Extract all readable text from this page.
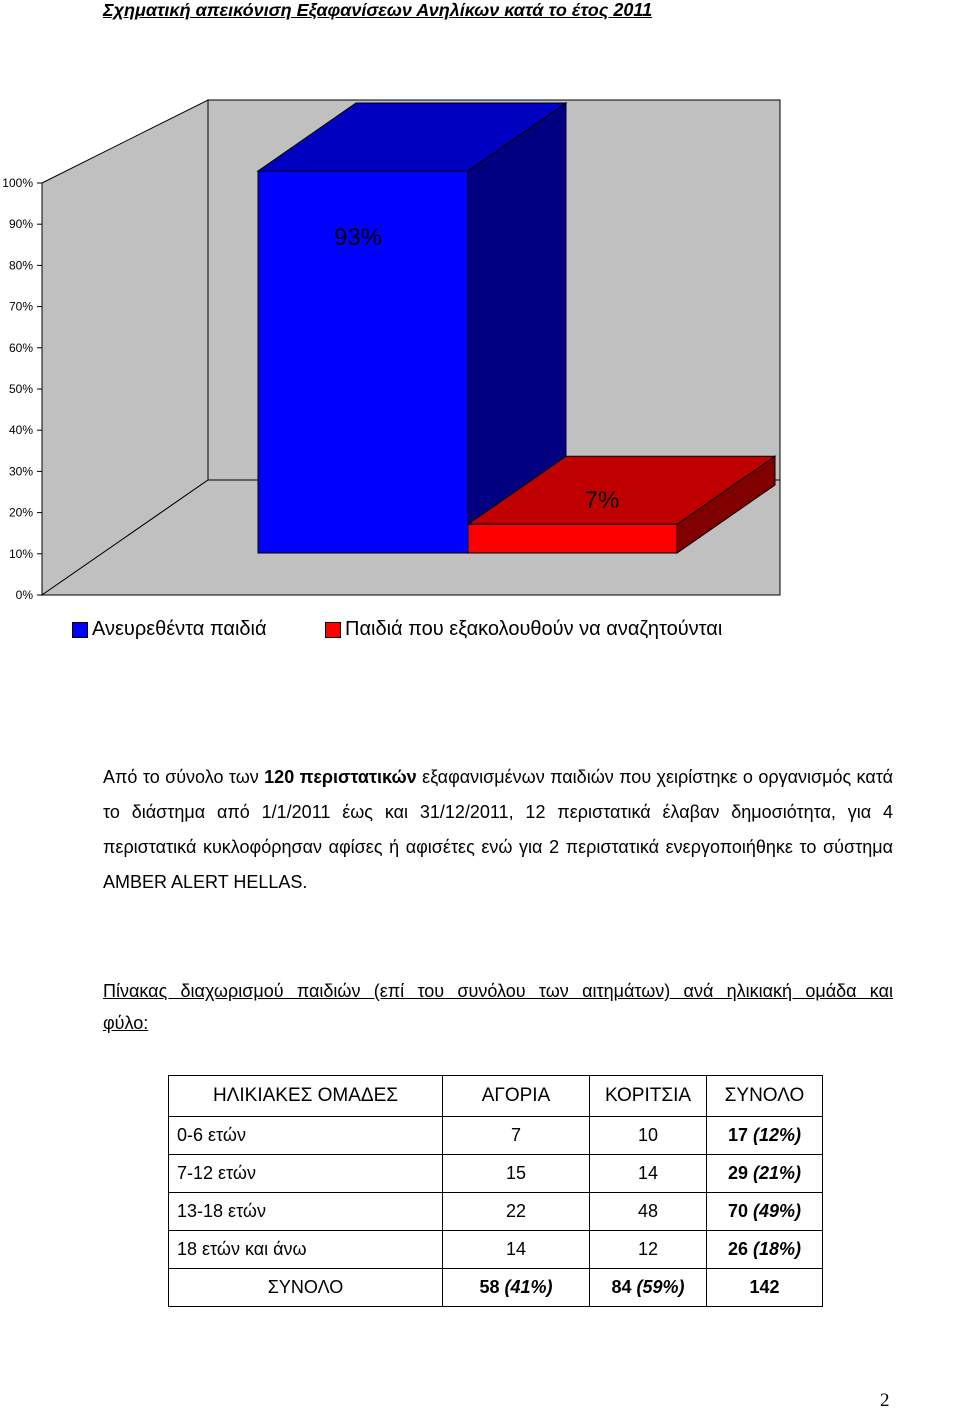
Σχηματική απεικόνιση Εξαφανίσεων Ανηλίκων κατά το έτος 2011
0%
10%
20%
30%
40%
50%
60%
70%
80%
90%
100%
93%
7%
Ανευρεθέντα παιδιά	Παιδιά που εξακολουθούν να αναζητούνται
Από το σύνολο των 120 περιστατικών εξαφανισμένων παιδιών που χειρίστηκε ο οργανισμός κατά το διάστημα από 1/1/2011 έως και 31/12/2011, 12 περιστατικά έλαβαν δημοσιότητα, για 4 περιστατικά κυκλοφόρησαν αφίσες ή αφισέτες ενώ για 2 περιστατικά ενεργοποιήθηκε το σύστημα AMBER ALERT HELLAS.
Πίνακας διαχωρισμού παιδιών (επί του συνόλου των αιτημάτων) ανά ηλικιακή ομάδα και
φύλο:
ΗΛΙΚΙΑΚΕΣ ΟΜΑΔΕΣ	ΑΓΟΡΙΑ	ΚΟΡΙΤΣΙΑ	ΣΥΝΟΛΟ
0-6 ετών	7	10	17 (12%)
7-12 ετών	15	14	29 (21%)
13-18 ετών	22	48	70 (49%)
18 ετών και άνω	14	12	26 (18%)
ΣΥΝΟΛΟ	58 (41%)	84 (59%)	142
2
